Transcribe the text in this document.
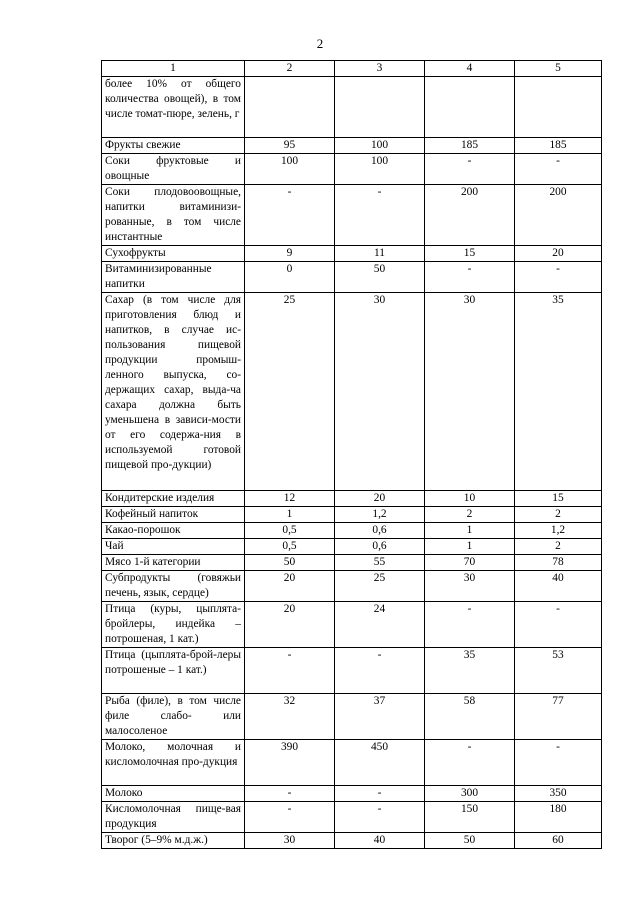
2
1	2	3	4	5
более 10% от общего количества овощей), в том числе томат-пюре, зелень, г				
Фрукты свежие	95	100	185	185
Соки фруктовые и овощные	100	100	-	-
Соки плодовоовощные, напитки витаминизи-рованные, в том числе инстантные	-	-	200	200
Сухофрукты	9	11	15	20
Витаминизированные напитки	0	50	-	-
Сахар (в том числе для приготовления блюд и напитков, в случае ис-пользования пищевой продукции промыш-ленного выпуска, со-держащих сахар, выда-ча сахара должна быть уменьшена в зависи-мости от его содержа-ния в используемой готовой пищевой про-дукции)	25	30	30	35
Кондитерские изделия	12	20	10	15
Кофейный напиток	1	1,2	2	2
Какао-порошок	0,5	0,6	1	1,2
Чай	0,5	0,6	1	2
Мясо 1-й категории	50	55	70	78
Субпродукты (говяжьи печень, язык, сердце)	20	25	30	40
Птица (куры, цыплята-бройлеры, индейка – потрошеная, 1 кат.)	20	24	-	-
Птица (цыплята-брой-леры потрошеные – 1 кат.)	-	-	35	53
Рыба (филе), в том числе филе слабо- или малосоленое	32	37	58	77
Молоко, молочная и кисломолочная про-дукция	390	450	-	-
Молоко	-	-	300	350
Кисломолочная пище-вая продукция	-	-	150	180
Творог (5–9% м.д.ж.)	30	40	50	60
